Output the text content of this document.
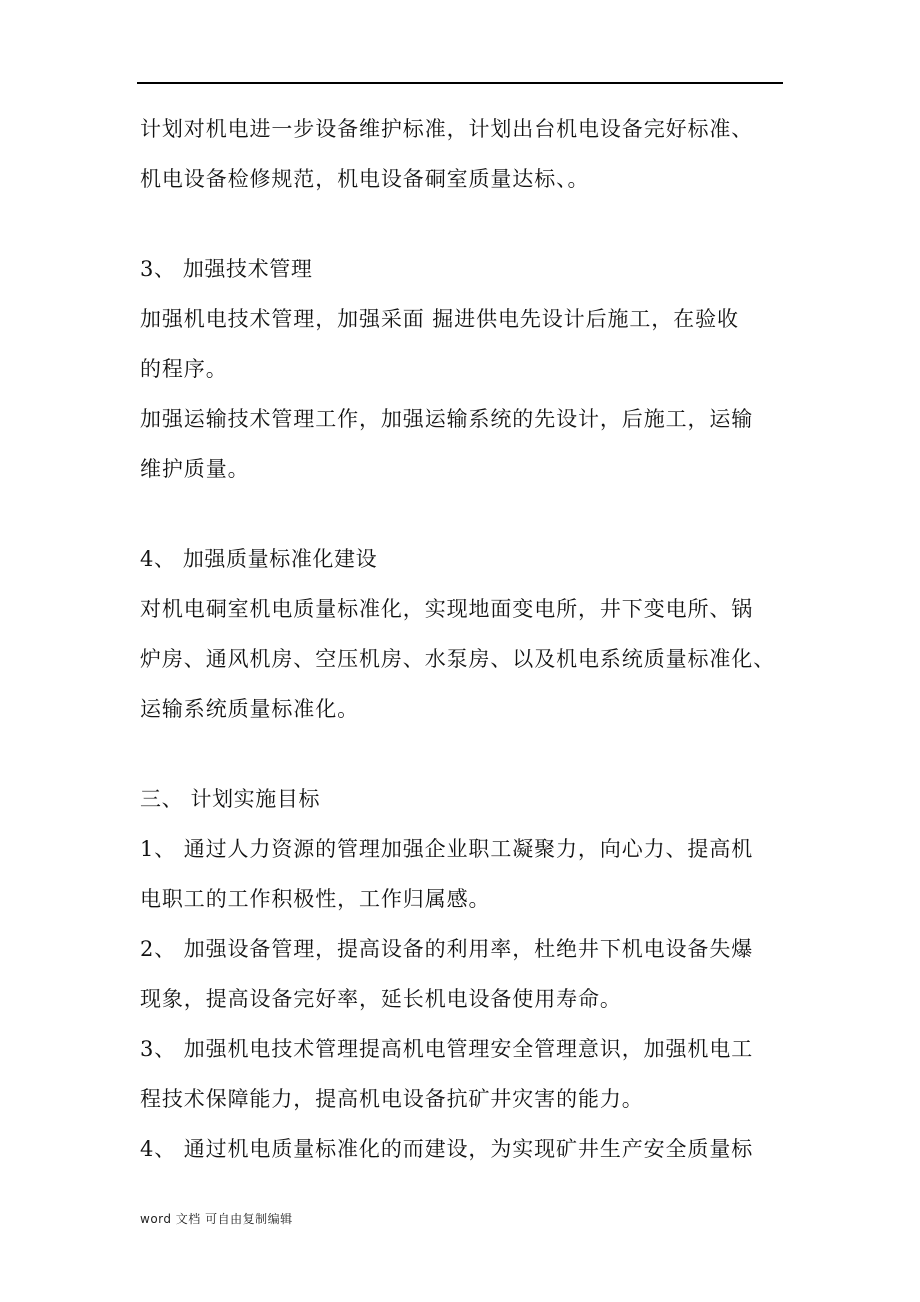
计划对机电进一步设备维护标准，计划出台机电设备完好标准、
机电设备检修规范，机电设备硐室质量达标、。
3、 加强技术管理
加强机电技术管理，加强采面 掘进供电先设计后施工，在验收
的程序。
加强运输技术管理工作，加强运输系统的先设计，后施工，运输
维护质量。
4、 加强质量标准化建设
对机电硐室机电质量标准化，实现地面变电所，井下变电所、锅
炉房、通风机房、空压机房、水泵房、以及机电系统质量标准化、
运输系统质量标准化。
三、 计划实施目标
1、 通过人力资源的管理加强企业职工凝聚力，向心力、提高机
电职工的工作积极性，工作归属感。
2、 加强设备管理，提高设备的利用率，杜绝井下机电设备失爆
现象，提高设备完好率，延长机电设备使用寿命。
3、 加强机电技术管理提高机电管理安全管理意识，加强机电工
程技术保障能力，提高机电设备抗矿井灾害的能力。
4、 通过机电质量标准化的而建设，为实现矿井生产安全质量标
word 文档 可自由复制编辑
